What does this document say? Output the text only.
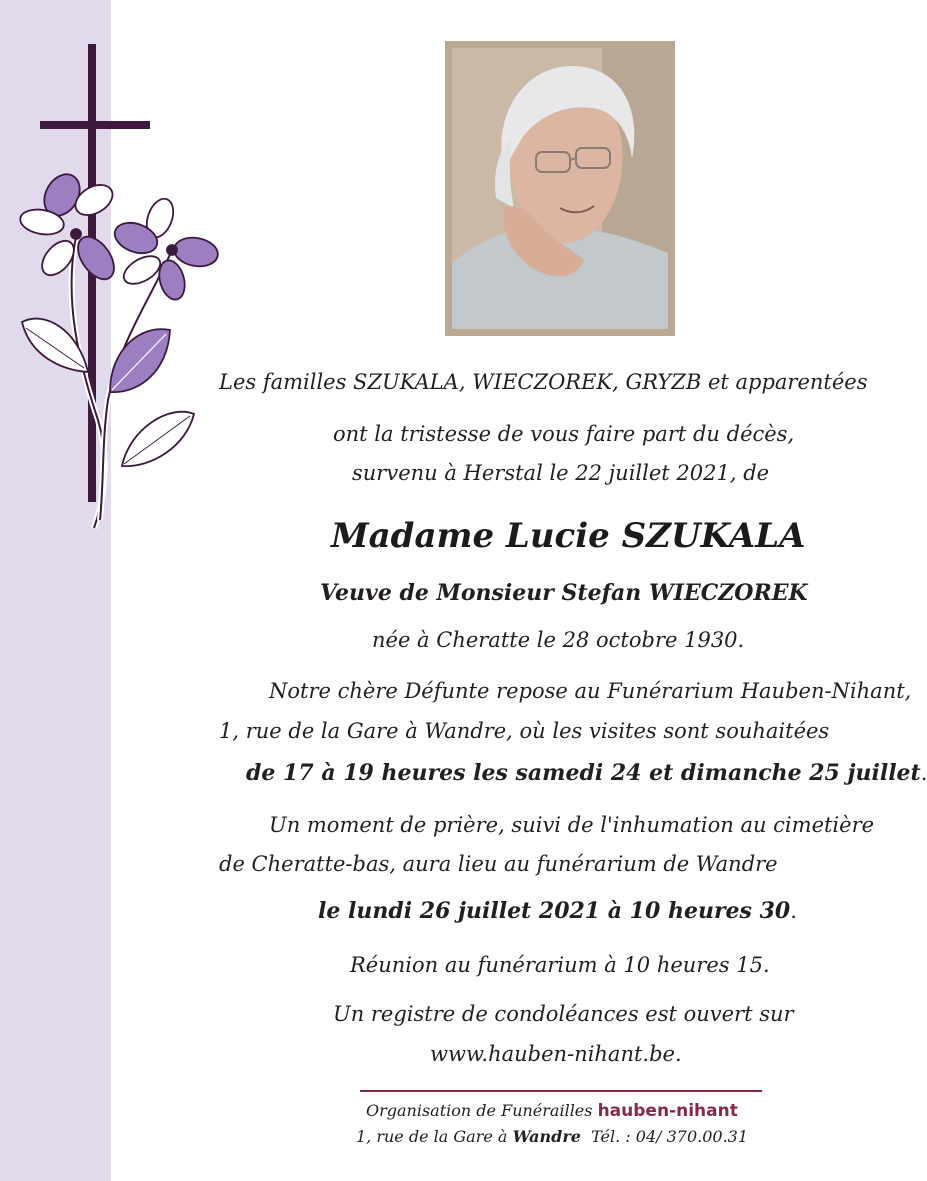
Les familles SZUKALA, WIECZOREK, GRYZB et apparentées

ont la tristesse de vous faire part du décès,

survenu à Herstal le 22 juillet 2021, de

Madame Lucie SZUKALA

Veuve de Monsieur Stefan WIECZOREK

née à Cheratte le 28 octobre 1930.

Notre chère Défunte repose au Funérarium Hauben-Nihant,

1, rue de la Gare à Wandre, où les visites sont souhaitées

de 17 à 19 heures les samedi 24 et dimanche 25 juillet.

Un moment de prière, suivi de l'inhumation au cimetière

de Cheratte-bas, aura lieu au funérarium de Wandre

le lundi 26 juillet 2021 à 10 heures 30.

Réunion au funérarium à 10 heures 15.

Un registre de condoléances est ouvert sur

www.hauben-nihant.be.

Organisation de Funérailles hauben-nihant

1, rue de la Gare à Wandre Tél. : 04/ 370.00.31
